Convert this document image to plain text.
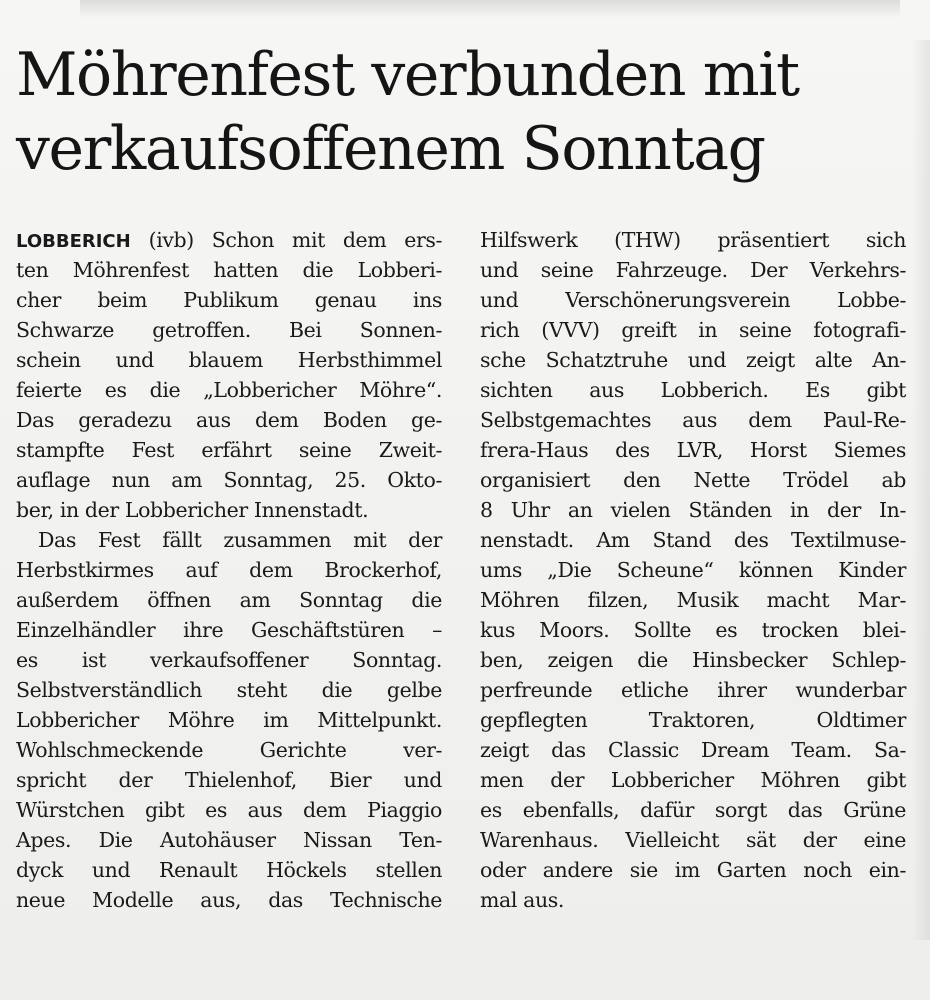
Möhrenfest verbunden mit
verkaufsoffenem Sonntag
LOBBERICH (ivb) Schon mit dem ers-
ten Möhrenfest hatten die Lobberi-
cher beim Publikum genau ins
Schwarze getroffen. Bei Sonnen-
schein und blauem Herbsthimmel
feierte es die „Lobbericher Möhre“.
Das geradezu aus dem Boden ge-
stampfte Fest erfährt seine Zweit-
auflage nun am Sonntag, 25. Okto-
ber, in der Lobbericher Innenstadt.
Das Fest fällt zusammen mit der
Herbstkirmes auf dem Brockerhof,
außerdem öffnen am Sonntag die
Einzelhändler ihre Geschäftstüren –
es ist verkaufsoffener Sonntag.
Selbstverständlich steht die gelbe
Lobbericher Möhre im Mittelpunkt.
Wohlschmeckende Gerichte ver-
spricht der Thielenhof, Bier und
Würstchen gibt es aus dem Piaggio
Apes. Die Autohäuser Nissan Ten-
dyck und Renault Höckels stellen
neue Modelle aus, das Technische
Hilfswerk (THW) präsentiert sich
und seine Fahrzeuge. Der Verkehrs-
und Verschönerungsverein Lobbe-
rich (VVV) greift in seine fotografi-
sche Schatztruhe und zeigt alte An-
sichten aus Lobberich. Es gibt
Selbstgemachtes aus dem Paul-Re-
frera-Haus des LVR, Horst Siemes
organisiert den Nette Trödel ab
8 Uhr an vielen Ständen in der In-
nenstadt. Am Stand des Textilmuse-
ums „Die Scheune“ können Kinder
Möhren filzen, Musik macht Mar-
kus Moors. Sollte es trocken blei-
ben, zeigen die Hinsbecker Schlep-
perfreunde etliche ihrer wunderbar
gepflegten Traktoren, Oldtimer
zeigt das Classic Dream Team. Sa-
men der Lobbericher Möhren gibt
es ebenfalls, dafür sorgt das Grüne
Warenhaus. Vielleicht sät der eine
oder andere sie im Garten noch ein-
mal aus.
